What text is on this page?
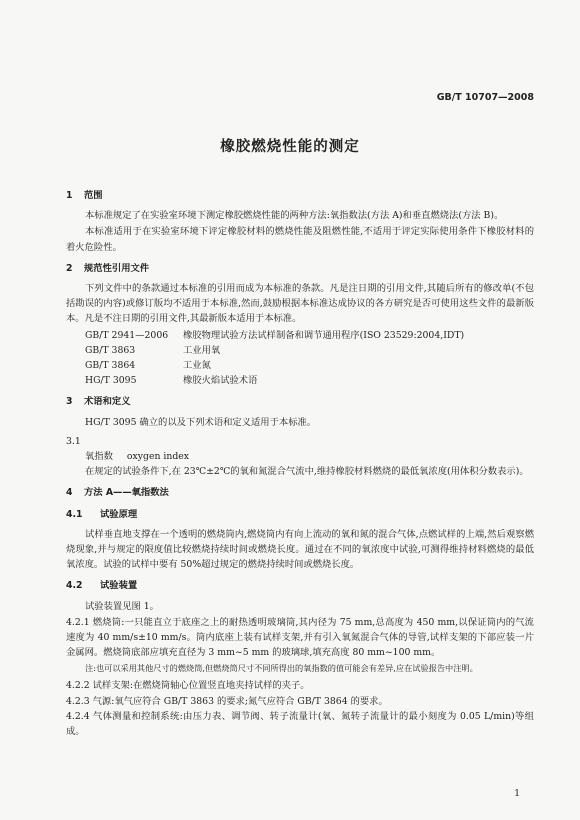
GB/T 10707—2008
橡胶燃烧性能的测定
1 范围
本标准规定了在实验室环境下测定橡胶燃烧性能的两种方法:氧指数法(方法 A)和垂直燃烧法(方法 B)。
本标准适用于在实验室环境下评定橡胶材料的燃烧性能及阻燃性能,不适用于评定实际使用条件下橡胶材料的着火危险性。
2 规范性引用文件
下列文件中的条款通过本标准的引用而成为本标准的条款。凡是注日期的引用文件,其随后所有的修改单(不包括勘误的内容)或修订版均不适用于本标准,然而,鼓励根据本标准达成协议的各方研究是否可使用这些文件的最新版本。凡是不注日期的引用文件,其最新版本适用于本标准。
GB/T 2941—2006 橡胶物理试验方法试样制备和调节通用程序(ISO 23529:2004,IDT)
GB/T 3863	工业用氧
GB/T 3864	工业氮
HG/T 3095	橡胶火焰试验术语
3 术语和定义
HG/T 3095 确立的以及下列术语和定义适用于本标准。
3.1
氧指数 oxygen index
在规定的试验条件下,在 23℃±2℃的氧和氮混合气流中,维持橡胶材料燃烧的最低氧浓度(用体积分数表示)。
4 方法 A——氧指数法
4.1 试验原理
试样垂直地支撑在一个透明的燃烧筒内,燃烧筒内有向上流动的氧和氮的混合气体,点燃试样的上端,然后观察燃烧现象,并与规定的限度值比较燃烧持续时间或燃烧长度。通过在不同的氧浓度中试验,可测得维持材料燃烧的最低氧浓度。试验的试样中要有 50%超过规定的燃烧持续时间或燃烧长度。
4.2 试验装置
试验装置见图 1。
4.2.1 燃烧筒:一只能直立于底座之上的耐热透明玻璃筒,其内径为 75 mm,总高度为 450 mm,以保证筒内的气流速度为 40 mm/s±10 mm/s。筒内底座上装有试样支架,并有引入氧氮混合气体的导管,试样支架的下部应装一片金属网。燃烧筒底部应填充直径为 3 mm~5 mm 的玻璃球,填充高度 80 mm~100 mm。
注:也可以采用其他尺寸的燃烧筒,但燃烧筒尺寸不同所得出的氧指数的值可能会有差异,应在试验报告中注明。
4.2.2 试样支架:在燃烧筒轴心位置竖直地夹持试样的夹子。
4.2.3 气源:氧气应符合 GB/T 3863 的要求;氮气应符合 GB/T 3864 的要求。
4.2.4 气体测量和控制系统:由压力表、调节阀、转子流量计(氧、氮转子流量计的最小刻度为 0.05 L/min)等组成。
1
